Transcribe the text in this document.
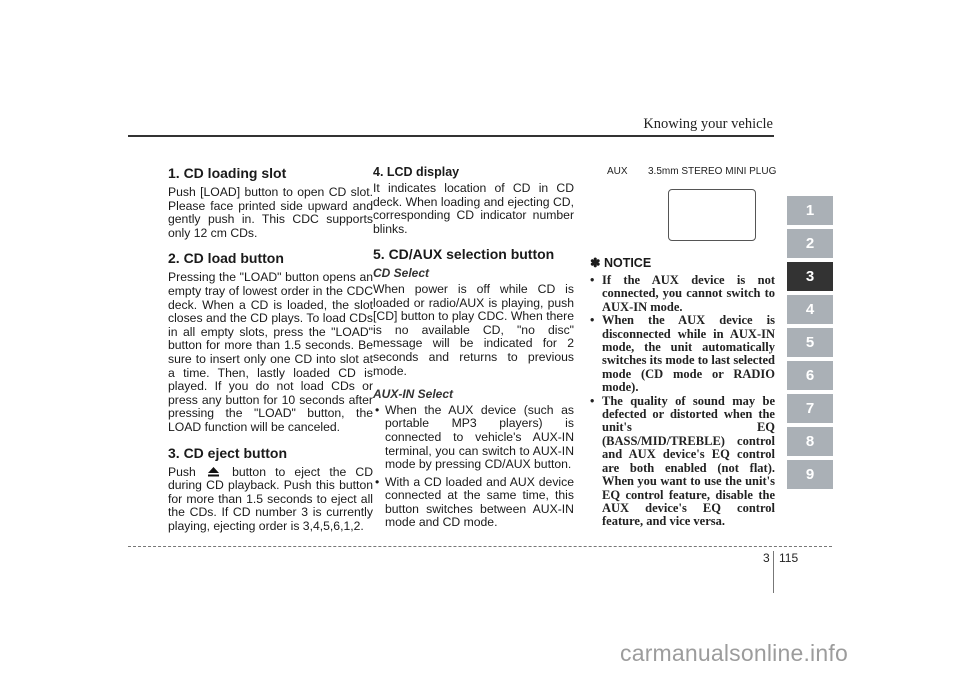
Knowing your vehicle
1. CD loading slot

Push [LOAD] button to open CD slot. Please face printed side upward and gently push in. This CDC supports only 12 cm CDs.

2. CD load button

Pressing the "LOAD" button opens an empty tray of lowest order in the CDC deck. When a CD is loaded, the slot closes and the CD plays. To load CDs in all empty slots, press the "LOAD" button for more than 1.5 seconds. Be sure to insert only one CD into slot at a time. Then, lastly loaded CD is played. If you do not load CDs or press any button for 10 seconds after pressing the "LOAD" button, the LOAD function will be canceled.

3. CD eject button

Push	button to eject the CD during CD playback. Push this button for more than 1.5 seconds to eject all the CDs. If CD number 3 is currently playing, ejecting order is 3,4,5,6,1,2.

4. LCD display

It indicates location of CD in CD deck. When loading and ejecting CD, corresponding CD indicator number blinks.

5. CD/AUX selection button
CD Select

When power is off while CD is loaded or radio/AUX is playing, push [CD] button to play CDC. When there is no available CD, "no disc" message will be indicated for 2 seconds and returns to previous mode.

AUX-IN Select
• When the AUX device (such as portable MP3 players) is connected to vehicle's AUX-IN terminal, you can switch to AUX-IN mode by pressing CD/AUX button.
• With a CD loaded and AUX device connected at the same time, this button switches between AUX-IN mode and CD mode.
AUX 3.5mm STEREO MINI PLUG
✽ NOTICE
• If the AUX device is not connected, you cannot switch to AUX-IN mode.
• When the AUX device is disconnected while in AUX-IN mode, the unit automatically switches its mode to last selected mode (CD mode or RADIO mode).
• The quality of sound may be defected or distorted when the unit's EQ (BASS/MID/TREBLE) control and AUX device's EQ control are both enabled (not flat). When you want to use the unit's EQ control feature, disable the AUX device's EQ control feature, and vice versa.
1
2
3
4
5
6
7
8
9
3 115
carmanualsonline.info
